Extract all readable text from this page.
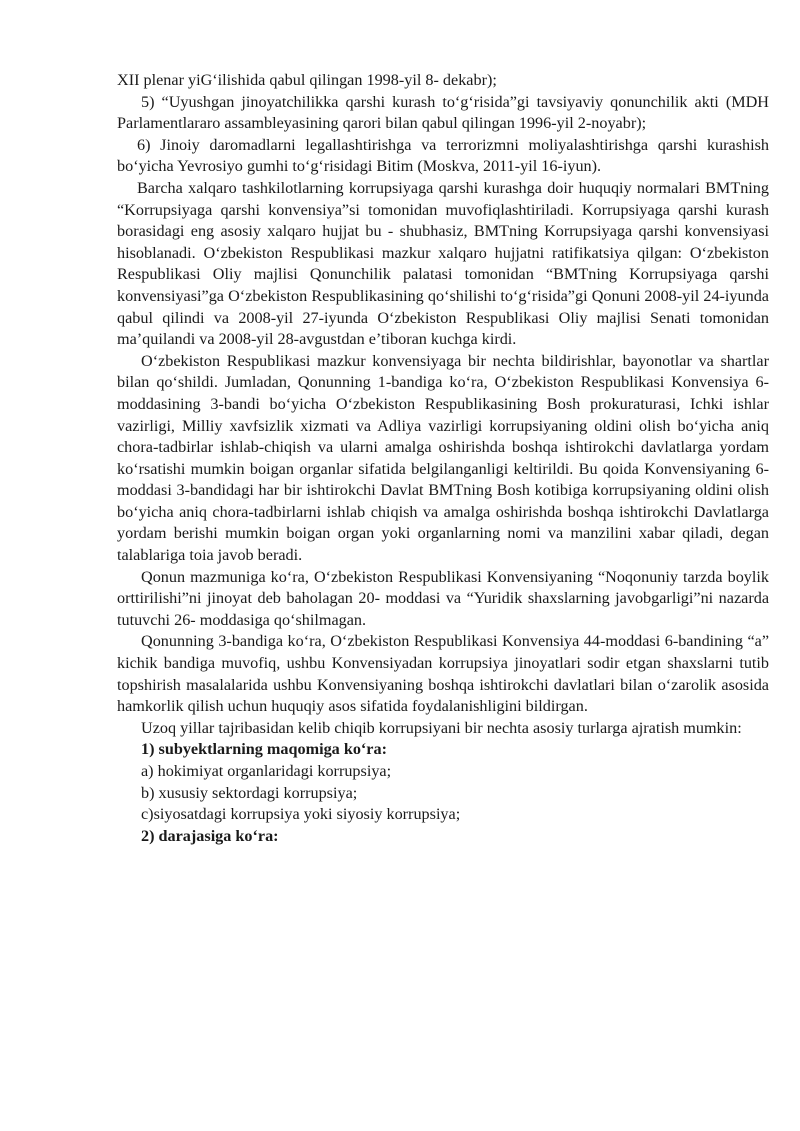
XII plenar yiG‘ilishida qabul qilingan 1998-yil 8- dekabr);

5) “Uyushgan jinoyatchilikka qarshi kurash to‘g‘risida”gi tavsiyaviy qonunchilik akti (MDH Parlamentlararo assambleyasining qarori bilan qabul qilingan 1996-yil 2-noyabr);

6) Jinoiy daromadlarni legallashtirishga va terrorizmni moliyalashtirishga qarshi kurashish bo‘yicha Yevrosiyo gumhi to‘g‘risidagi Bitim (Moskva, 2011-yil 16-iyun).

Barcha xalqaro tashkilotlarning korrupsiyaga qarshi kurashga doir huquqiy normalari BMTning “Korrupsiyaga qarshi konvensiya”si tomonidan muvofiqlashtiriladi. Korrupsiyaga qarshi kurash borasidagi eng asosiy xalqaro hujjat bu - shubhasiz, BMTning Korrupsiyaga qarshi konvensiyasi hisoblanadi. O‘zbekiston Respublikasi mazkur xalqaro hujjatni ratifikatsiya qilgan: O‘zbekiston Respublikasi Oliy majlisi Qonunchilik palatasi tomonidan “BMTning Korrupsiyaga qarshi konvensiyasi”ga O‘zbekiston Respublikasining qo‘shilishi to‘g‘risida”gi Qonuni 2008-yil 24-iyunda qabul qilindi va 2008-yil 27-iyunda O‘zbekiston Respublikasi Oliy majlisi Senati tomonidan ma’quilandi va 2008-yil 28-avgustdan e’tiboran kuchga kirdi.

O‘zbekiston Respublikasi mazkur konvensiyaga bir nechta bildirishlar, bayonotlar va shartlar bilan qo‘shildi. Jumladan, Qonunning 1-bandiga ko‘ra, O‘zbekiston Respublikasi Konvensiya 6-moddasining 3-bandi bo‘yicha O‘zbekiston Respublikasining Bosh prokuraturasi, Ichki ishlar vazirligi, Milliy xavfsizlik xizmati va Adliya vazirligi korrupsiyaning oldini olish bo‘yicha aniq chora-tadbirlar ishlab-chiqish va ularni amalga oshirishda boshqa ishtirokchi davlatlarga yordam ko‘rsatishi mumkin boigan organlar sifatida belgilanganligi keltirildi. Bu qoida Konvensiyaning 6-moddasi 3-bandidagi har bir ishtirokchi Davlat BMTning Bosh kotibiga korrupsiyaning oldini olish bo‘yicha aniq chora-tadbirlarni ishlab chiqish va amalga oshirishda boshqa ishtirokchi Davlatlarga yordam berishi mumkin boigan organ yoki organlarning nomi va manzilini xabar qiladi, degan talablariga toia javob beradi.

Qonun mazmuniga ko‘ra, O‘zbekiston Respublikasi Konvensiyaning “Noqonuniy tarzda boylik orttirilishi”ni jinoyat deb baholagan 20- moddasi va “Yuridik shaxslarning javobgarligi”ni nazarda tutuvchi 26- moddasiga qo‘shilmagan.

Qonunning 3-bandiga ko‘ra, O‘zbekiston Respublikasi Konvensiya 44-moddasi 6-bandining “a” kichik bandiga muvofiq, ushbu Konvensiyadan korrupsiya jinoyatlari sodir etgan shaxslarni tutib topshirish masalalarida ushbu Konvensiyaning boshqa ishtirokchi davlatlari bilan o‘zarolik asosida hamkorlik qilish uchun huquqiy asos sifatida foydalanishligini bildirgan.

Uzoq yillar tajribasidan kelib chiqib korrupsiyani bir nechta asosiy turlarga ajratish mumkin:

1) subyektlarning maqomiga ko‘ra:

a) hokimiyat organlaridagi korrupsiya;

b) xususiy sektordagi korrupsiya;

c)siyosatdagi korrupsiya yoki siyosiy korrupsiya;

2) darajasiga ko‘ra:
